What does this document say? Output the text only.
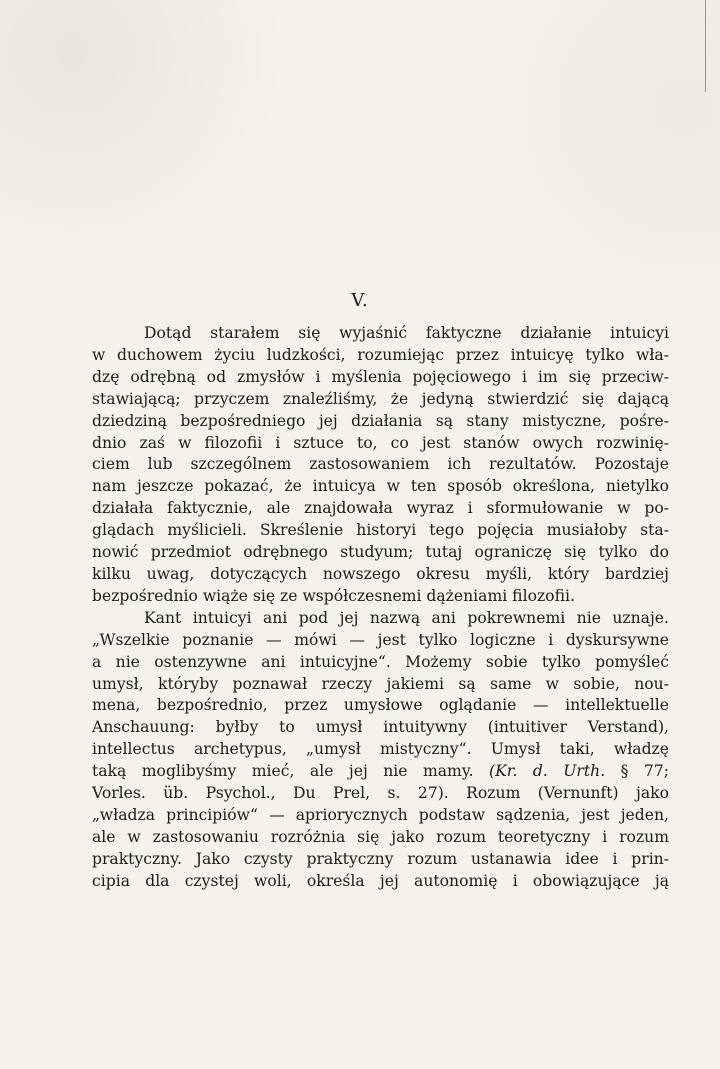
V.
Dotąd starałem się wyjaśnić faktyczne działanie intuicyi
w duchowem życiu ludzkości, rozumiejąc przez intuicyę tylko wła-
dzę odrębną od zmysłów i myślenia pojęciowego i im się przeciw-
stawiającą; przyczem znaleźliśmy, że jedyną stwierdzić się dającą
dziedziną bezpośredniego jej działania są stany mistyczne, pośre-
dnio zaś w filozofii i sztuce to, co jest stanów owych rozwinię-
ciem lub szczególnem zastosowaniem ich rezultatów. Pozostaje
nam jeszcze pokazać, że intuicya w ten sposób określona, nietylko
działała faktycznie, ale znajdowała wyraz i sformułowanie w po-
glądach myślicieli. Skreślenie historyi tego pojęcia musiałoby sta-
nowić przedmiot odrębnego studyum; tutaj ograniczę się tylko do
kilku uwag, dotyczących nowszego okresu myśli, który bardziej
bezpośrednio wiąże się ze współczesnemi dążeniami filozofii.
Kant intuicyi ani pod jej nazwą ani pokrewnemi nie uznaje.
„Wszelkie poznanie — mówi — jest tylko logiczne i dyskursywne
a nie ostenzywne ani intuicyjne“. Możemy sobie tylko pomyśleć
umysł, któryby poznawał rzeczy jakiemi są same w sobie, nou-
mena, bezpośrednio, przez umysłowe oglądanie — intellektuelle
Anschauung: byłby to umysł intuitywny (intuitiver Verstand),
intellectus archetypus, „umysł mistyczny“. Umysł taki, władzę
taką moglibyśmy mieć, ale jej nie mamy. (Kr. d. Urth. § 77;
Vorles. üb. Psychol., Du Prel, s. 27). Rozum (Vernunft) jako
„władza principiów“ — apriorycznych podstaw sądzenia, jest jeden,
ale w zastosowaniu rozróżnia się jako rozum teoretyczny i rozum
praktyczny. Jako czysty praktyczny rozum ustanawia idee i prin-
cipia dla czystej woli, określa jej autonomię i obowiązujące ją
